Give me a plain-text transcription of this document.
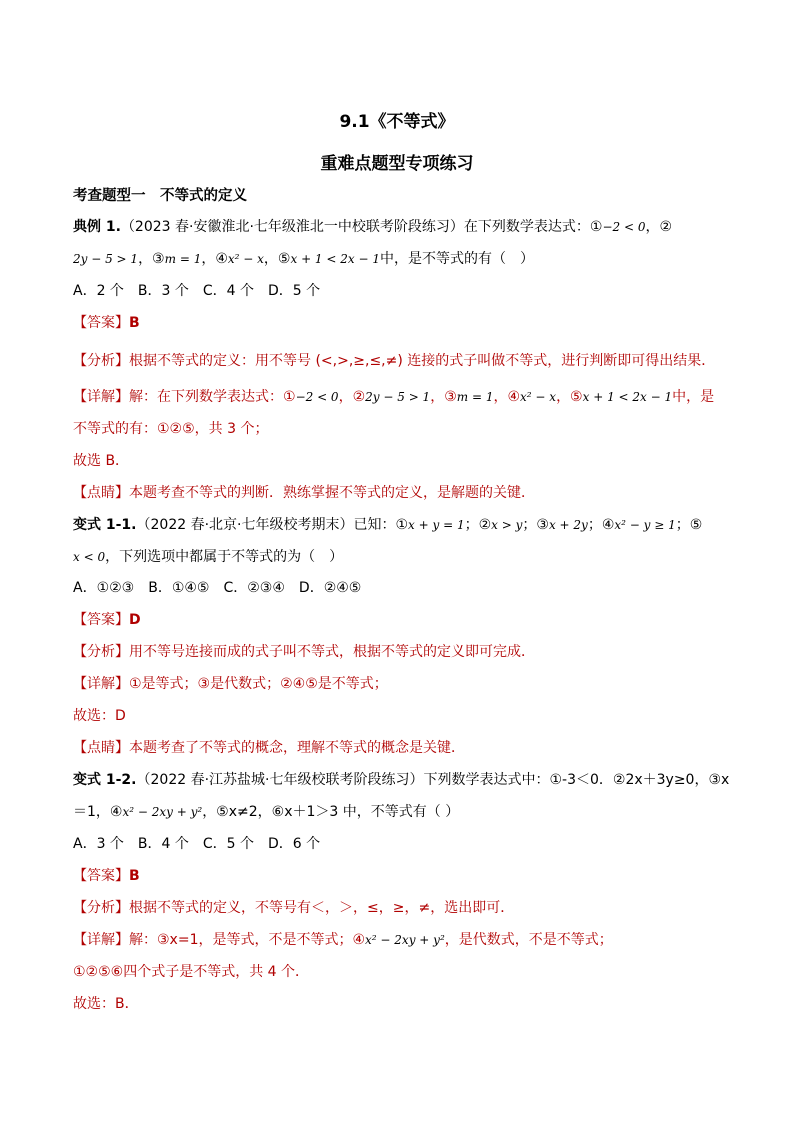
9.1《不等式》
重难点题型专项练习
考查题型一　不等式的定义
典例 1.（2023 春·安徽淮北·七年级淮北一中校联考阶段练习）在下列数学表达式：①−2 < 0，②
2y − 5 > 1，③m = 1，④x² − x，⑤x + 1 < 2x − 1中，是不等式的有（　）
A．2 个　B．3 个　C．4 个　D．5 个
【答案】B
【分析】根据不等式的定义：用不等号 (<,>,≥,≤,≠) 连接的式子叫做不等式，进行判断即可得出结果．
【详解】解：在下列数学表达式：①−2 < 0，②2y − 5 > 1，③m = 1，④x² − x，⑤x + 1 < 2x − 1中，是
不等式的有：①②⑤，共 3 个；
故选 B．
【点睛】本题考查不等式的判断．熟练掌握不等式的定义，是解题的关键．
变式 1-1.（2022 春·北京·七年级校考期末）已知：①x + y = 1；②x > y；③x + 2y；④x² − y ≥ 1；⑤
x < 0，下列选项中都属于不等式的为（　）
A．①②③　B．①④⑤　C．②③④　D．②④⑤
【答案】D
【分析】用不等号连接而成的式子叫不等式，根据不等式的定义即可完成．
【详解】①是等式；③是代数式；②④⑤是不等式；
故选：D
【点睛】本题考查了不等式的概念，理解不等式的概念是关键．
变式 1-2.（2022 春·江苏盐城·七年级校联考阶段练习）下列数学表达式中：①-3＜0．②2x＋3y≥0，③x
＝1，④x² − 2xy + y²，⑤x≠2，⑥x＋1＞3 中，不等式有（ ）
A．3 个　B．4 个　C．5 个　D．6 个
【答案】B
【分析】根据不等式的定义，不等号有＜，＞，≤，≥，≠，选出即可．
【详解】解：③x=1，是等式，不是不等式；④x² − 2xy + y²，是代数式，不是不等式；
①②⑤⑥四个式子是不等式，共 4 个．
故选：B．
